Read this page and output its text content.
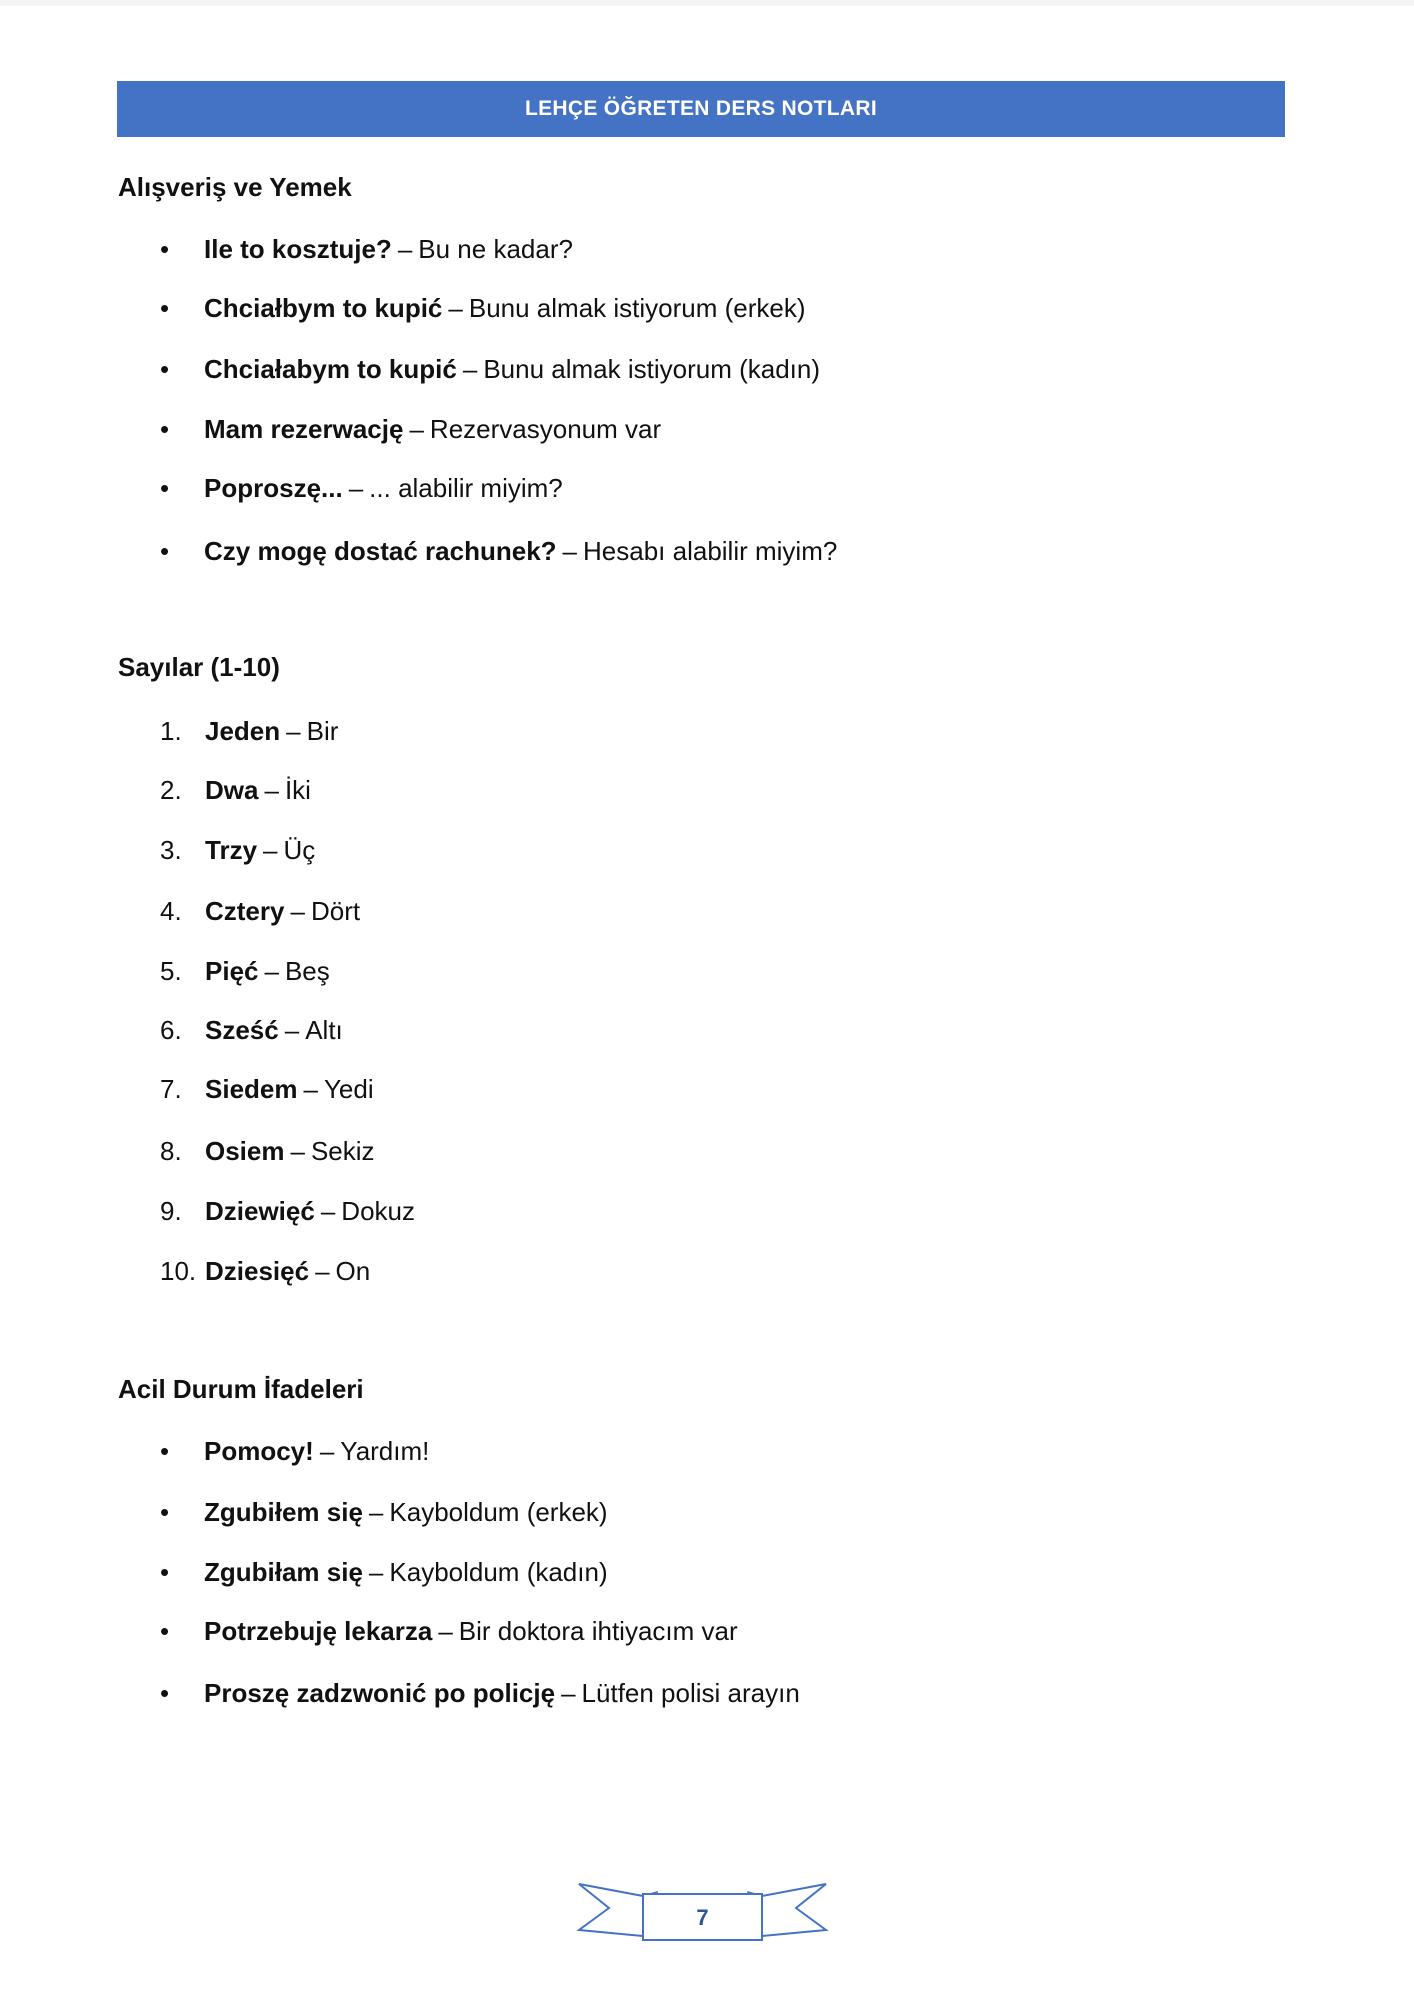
LEHÇE ÖĞRETEN DERS NOTLARI
Alışveriş ve Yemek
•	Ile to kosztuje? – Bu ne kadar?
•	Chciałbym to kupić – Bunu almak istiyorum (erkek)
•	Chciałabym to kupić – Bunu almak istiyorum (kadın)
•	Mam rezerwację – Rezervasyonum var
•	Poproszę... – ... alabilir miyim?
•	Czy mogę dostać rachunek? – Hesabı alabilir miyim?
Sayılar (1-10)
1. Jeden – Bir
2. Dwa – İki
3. Trzy – Üç
4. Cztery – Dört
5. Pięć – Beş
6. Sześć – Altı
7. Siedem – Yedi
8. Osiem – Sekiz
9. Dziewięć – Dokuz
10. Dziesięć – On
Acil Durum İfadeleri
•	Pomocy! – Yardım!
•	Zgubiłem się – Kayboldum (erkek)
•	Zgubiłam się – Kayboldum (kadın)
•	Potrzebuję lekarza – Bir doktora ihtiyacım var
•	Proszę zadzwonić po policję – Lütfen polisi arayın
7
